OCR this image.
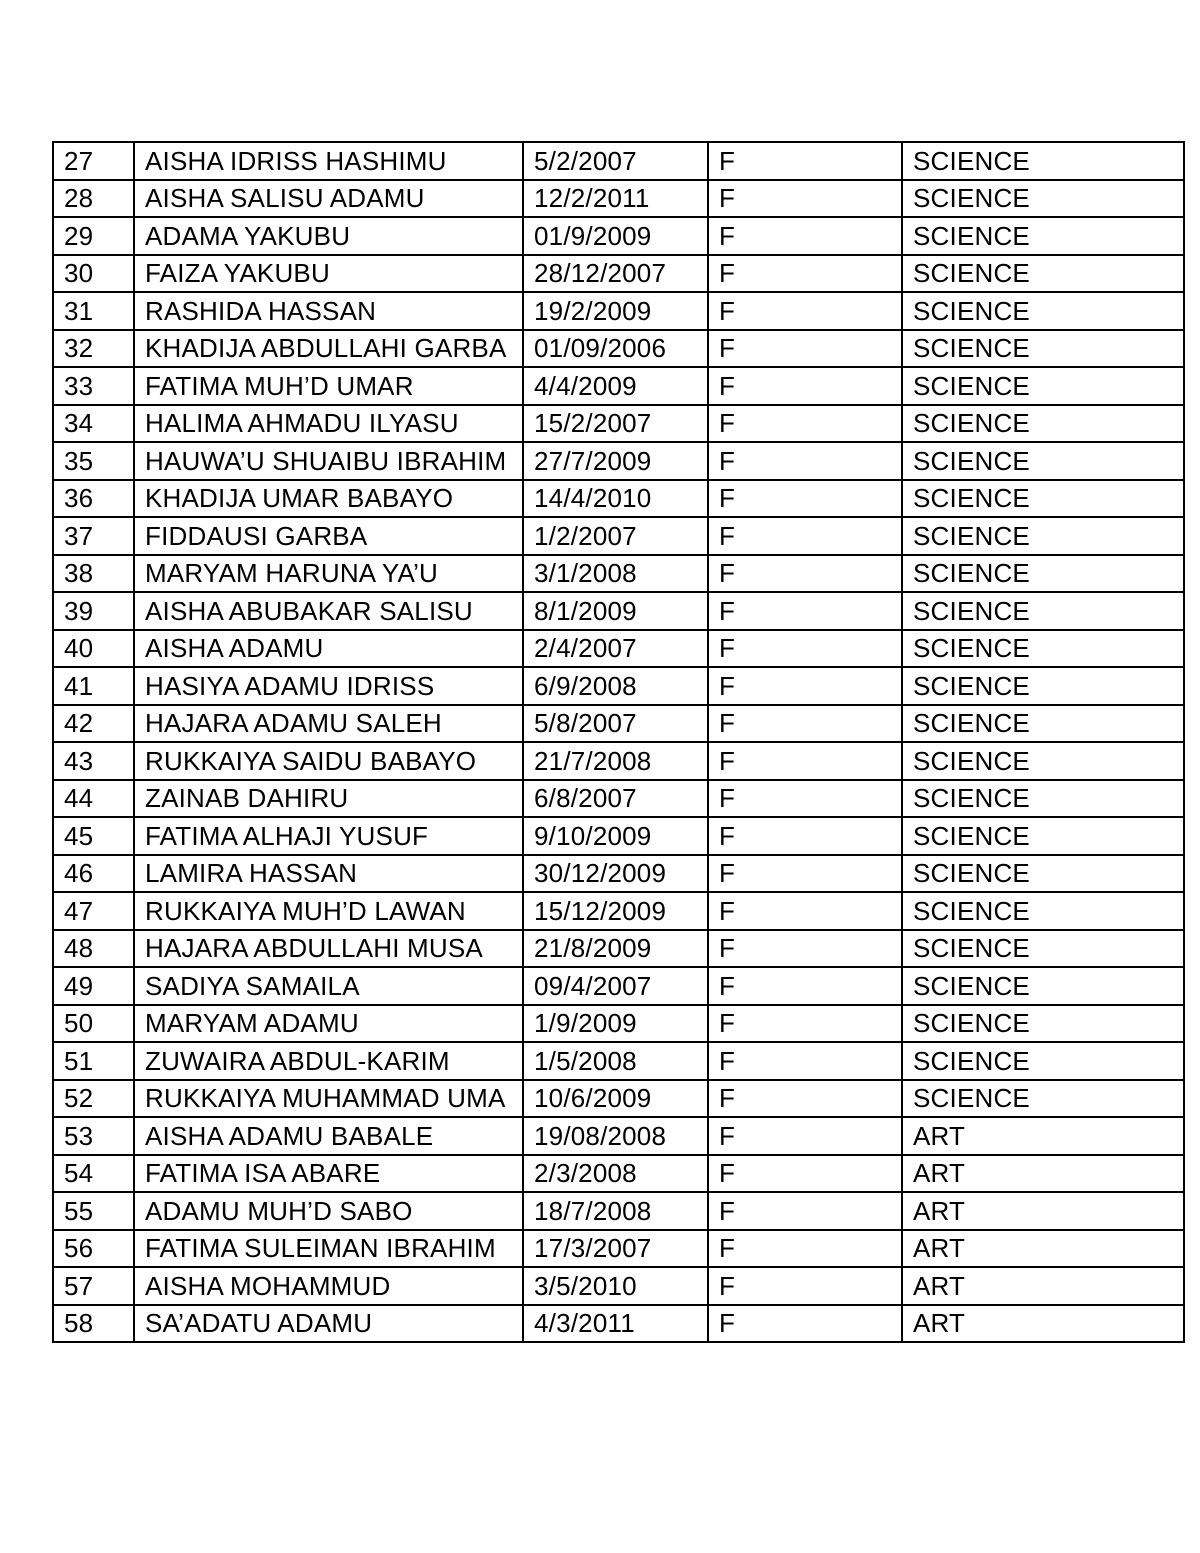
27	AISHA IDRISS HASHIMU	5/2/2007	F	SCIENCE
28	AISHA SALISU ADAMU	12/2/2011	F	SCIENCE
29	ADAMA YAKUBU	01/9/2009	F	SCIENCE
30	FAIZA YAKUBU	28/12/2007	F	SCIENCE
31	RASHIDA HASSAN	19/2/2009	F	SCIENCE
32	KHADIJA ABDULLAHI GARBA	01/09/2006	F	SCIENCE
33	FATIMA MUH’D UMAR	4/4/2009	F	SCIENCE
34	HALIMA AHMADU ILYASU	15/2/2007	F	SCIENCE
35	HAUWA’U SHUAIBU IBRAHIM	27/7/2009	F	SCIENCE
36	KHADIJA UMAR BABAYO	14/4/2010	F	SCIENCE
37	FIDDAUSI GARBA	1/2/2007	F	SCIENCE
38	MARYAM HARUNA YA’U	3/1/2008	F	SCIENCE
39	AISHA ABUBAKAR SALISU	8/1/2009	F	SCIENCE
40	AISHA ADAMU	2/4/2007	F	SCIENCE
41	HASIYA ADAMU IDRISS	6/9/2008	F	SCIENCE
42	HAJARA ADAMU SALEH	5/8/2007	F	SCIENCE
43	RUKKAIYA SAIDU BABAYO	21/7/2008	F	SCIENCE
44	ZAINAB DAHIRU	6/8/2007	F	SCIENCE
45	FATIMA ALHAJI YUSUF	9/10/2009	F	SCIENCE
46	LAMIRA HASSAN	30/12/2009	F	SCIENCE
47	RUKKAIYA MUH’D LAWAN	15/12/2009	F	SCIENCE
48	HAJARA ABDULLAHI MUSA	21/8/2009	F	SCIENCE
49	SADIYA SAMAILA	09/4/2007	F	SCIENCE
50	MARYAM ADAMU	1/9/2009	F	SCIENCE
51	ZUWAIRA ABDUL-KARIM	1/5/2008	F	SCIENCE
52	RUKKAIYA MUHAMMAD UMA	10/6/2009	F	SCIENCE
53	AISHA ADAMU BABALE	19/08/2008	F	ART
54	FATIMA ISA ABARE	2/3/2008	F	ART
55	ADAMU MUH’D SABO	18/7/2008	F	ART
56	FATIMA SULEIMAN IBRAHIM	17/3/2007	F	ART
57	AISHA MOHAMMUD	3/5/2010	F	ART
58	SA’ADATU ADAMU	4/3/2011	F	ART
